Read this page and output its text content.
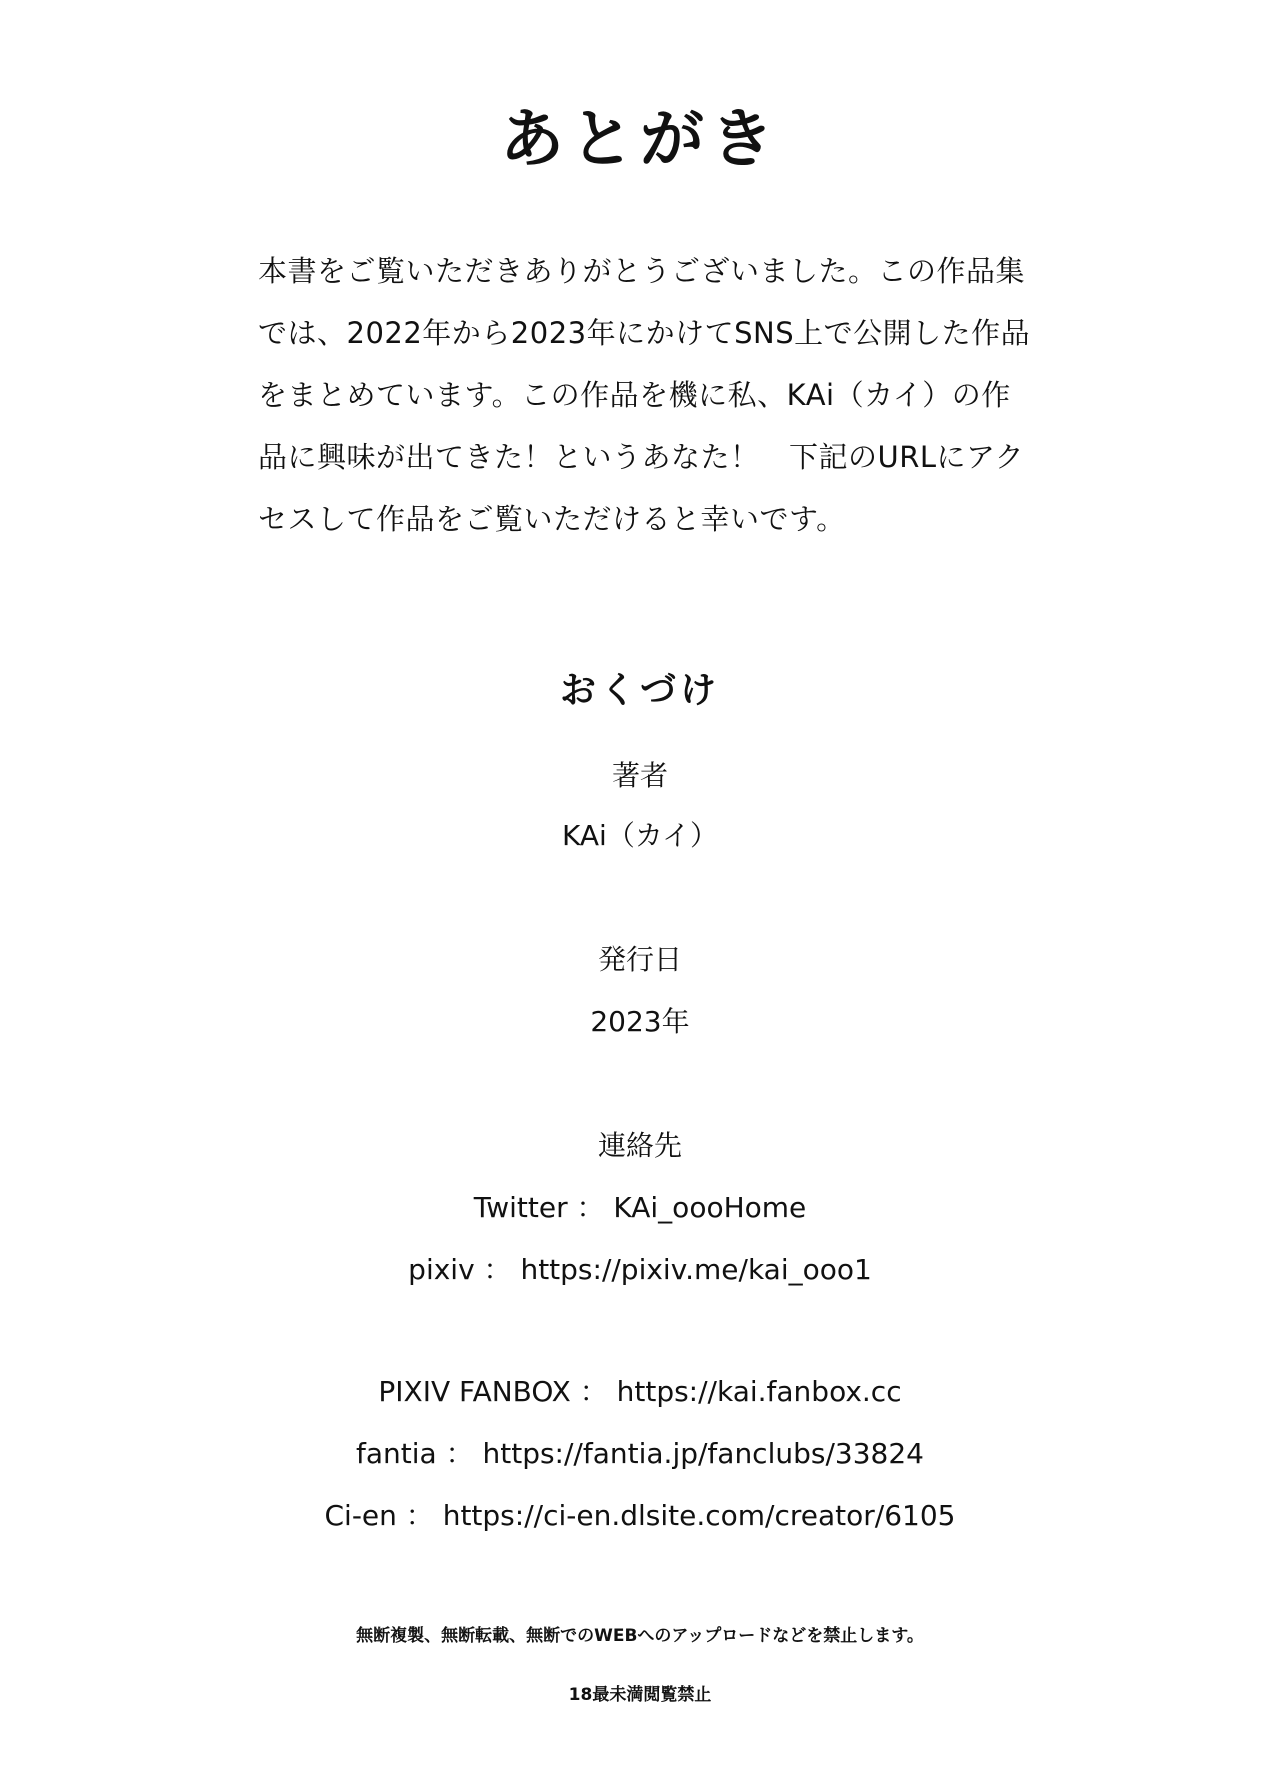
あとがき

本書をご覧いただきありがとうございました。この作品集

では、2022年から2023年にかけてSNS上で公開した作品

をまとめています。この作品を機に私、KAi（カイ）の作

品に興味が出てきた！というあなた！　下記のURLにアク

セスして作品をご覧いただけると幸いです。

おくづけ
著者
KAi（カイ）
発行日
2023年
連絡先
Twitter ： KAi_oooHome
pixiv ： https://pixiv.me/kai_ooo1
PIXIV FANBOX ： https://kai.fanbox.cc
fantia ： https://fantia.jp/fanclubs/33824
Ci-en ： https://ci-en.dlsite.com/creator/6105
無断複製、無断転載、無断でのWEBへのアップロードなどを禁止します。
18最未満閲覧禁止
